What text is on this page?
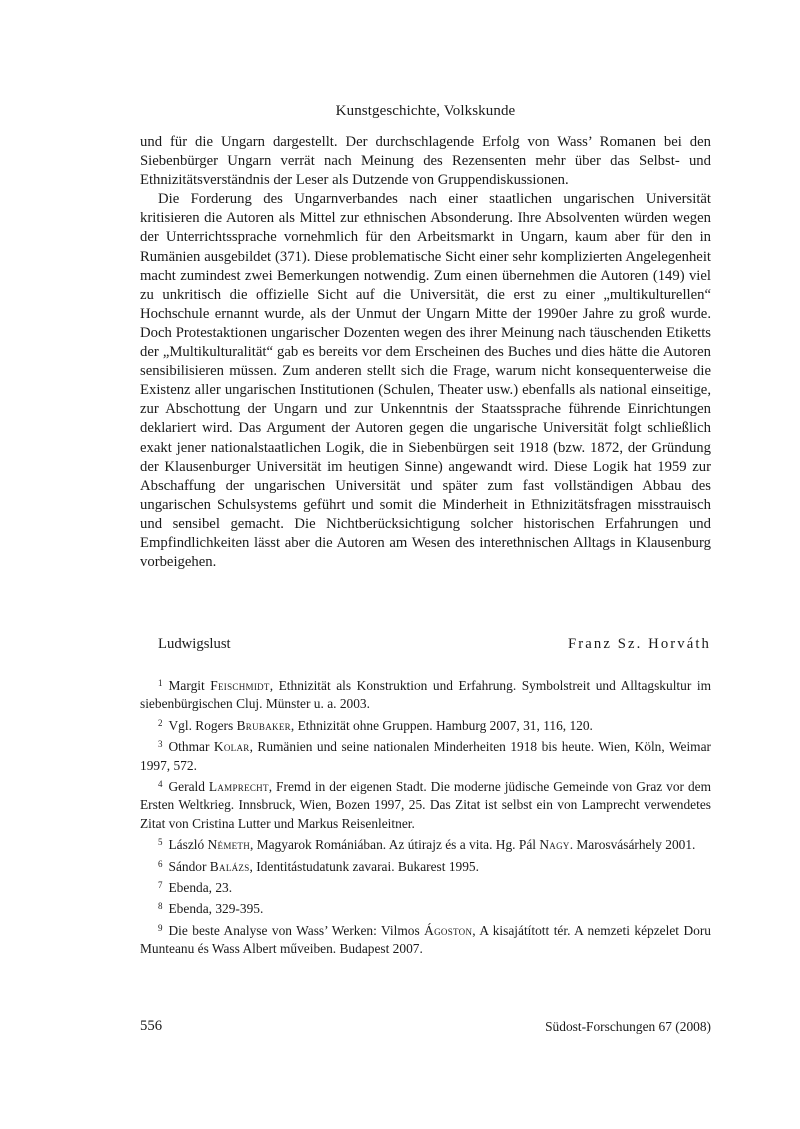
Kunstgeschichte, Volkskunde

und für die Ungarn dargestellt. Der durchschlagende Erfolg von Wass’ Romanen bei den Siebenbürger Ungarn verrät nach Meinung des Rezensenten mehr über das Selbst- und Ethnizitätsverständnis der Leser als Dutzende von Gruppendiskussionen.

Die Forderung des Ungarnverbandes nach einer staatlichen ungarischen Universität kritisieren die Autoren als Mittel zur ethnischen Absonderung. Ihre Absolventen würden wegen der Unterrichtssprache vornehmlich für den Arbeitsmarkt in Ungarn, kaum aber für den in Rumänien ausgebildet (371). Diese problematische Sicht einer sehr komplizierten Angelegenheit macht zumindest zwei Bemerkungen notwendig. Zum einen übernehmen die Autoren (149) viel zu unkritisch die offizielle Sicht auf die Universität, die erst zu einer „multikulturellen“ Hochschule ernannt wurde, als der Unmut der Ungarn Mitte der 1990er Jahre zu groß wurde. Doch Protestaktionen ungarischer Dozenten wegen des ihrer Meinung nach täuschenden Etiketts der „Multikulturalität“ gab es bereits vor dem Erscheinen des Buches und dies hätte die Autoren sensibilisieren müssen. Zum anderen stellt sich die Frage, warum nicht konsequenterweise die Existenz aller ungarischen Institutionen (Schulen, Theater usw.) ebenfalls als national einseitige, zur Abschottung der Ungarn und zur Unkenntnis der Staatssprache führende Einrichtungen deklariert wird. Das Argument der Autoren gegen die ungarische Universität folgt schließlich exakt jener nationalstaatlichen Logik, die in Siebenbürgen seit 1918 (bzw. 1872, der Gründung der Klausenburger Universität im heutigen Sinne) angewandt wird. Diese Logik hat 1959 zur Abschaffung der ungarischen Universität und später zum fast vollständigen Abbau des ungarischen Schulsystems geführt und somit die Minderheit in Ethnizitätsfragen misstrauisch und sensibel gemacht. Die Nichtberücksichtigung solcher historischen Erfahrungen und Empfindlichkeiten lässt aber die Autoren am Wesen des interethnischen Alltags in Klausenburg vorbeigehen.

Ludwigslust	Franz Sz. Horváth

$^1$ Margit Feischmidt, Ethnizität als Konstruktion und Erfahrung. Symbolstreit und Alltagskultur im siebenbürgischen Cluj. Münster u. a. 2003.

$^2$ Vgl. Rogers Brubaker, Ethnizität ohne Gruppen. Hamburg 2007, 31, 116, 120.

$^3$ Othmar Kolar, Rumänien und seine nationalen Minderheiten 1918 bis heute. Wien, Köln, Weimar 1997, 572.

$^4$ Gerald Lamprecht, Fremd in der eigenen Stadt. Die moderne jüdische Gemeinde von Graz vor dem Ersten Weltkrieg. Innsbruck, Wien, Bozen 1997, 25. Das Zitat ist selbst ein von Lamprecht verwendetes Zitat von Cristina Lutter und Markus Reisenleitner.

$^5$ László Németh, Magyarok Romániában. Az útirajz és a vita. Hg. Pál Nagy. Marosvásárhely 2001.

$^6$ Sándor Balázs, Identitástudatunk zavarai. Bukarest 1995.

$^7$ Ebenda, 23.

$^8$ Ebenda, 329-395.

$^9$ Die beste Analyse von Wass’ Werken: Vilmos Ágoston, A kisajátított tér. A nemzeti képzelet Doru Munteanu és Wass Albert műveiben. Budapest 2007.

556	Südost-Forschungen 67 (2008)
